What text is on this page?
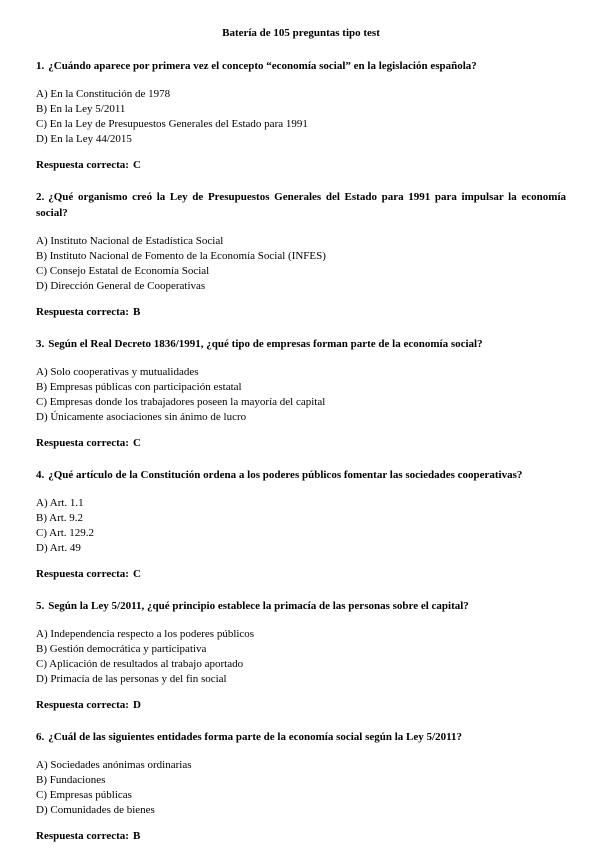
Batería de 105 preguntas tipo test
1. ¿Cuándo aparece por primera vez el concepto “economía social” en la legislación española?
A) En la Constitución de 1978
B) En la Ley 5/2011
C) En la Ley de Presupuestos Generales del Estado para 1991
D) En la Ley 44/2015
Respuesta correcta: C
2. ¿Qué organismo creó la Ley de Presupuestos Generales del Estado para 1991 para impulsar la economía social?
A) Instituto Nacional de Estadística Social
B) Instituto Nacional de Fomento de la Economía Social (INFES)
C) Consejo Estatal de Economía Social
D) Dirección General de Cooperativas
Respuesta correcta: B
3. Según el Real Decreto 1836/1991, ¿qué tipo de empresas forman parte de la economía social?
A) Solo cooperativas y mutualidades
B) Empresas públicas con participación estatal
C) Empresas donde los trabajadores poseen la mayoría del capital
D) Únicamente asociaciones sin ánimo de lucro
Respuesta correcta: C
4. ¿Qué artículo de la Constitución ordena a los poderes públicos fomentar las sociedades cooperativas?
A) Art. 1.1
B) Art. 9.2
C) Art. 129.2
D) Art. 49
Respuesta correcta: C
5. Según la Ley 5/2011, ¿qué principio establece la primacía de las personas sobre el capital?
A) Independencia respecto a los poderes públicos
B) Gestión democrática y participativa
C) Aplicación de resultados al trabajo aportado
D) Primacía de las personas y del fin social
Respuesta correcta: D
6. ¿Cuál de las siguientes entidades forma parte de la economía social según la Ley 5/2011?
A) Sociedades anónimas ordinarias
B) Fundaciones
C) Empresas públicas
D) Comunidades de bienes
Respuesta correcta: B
